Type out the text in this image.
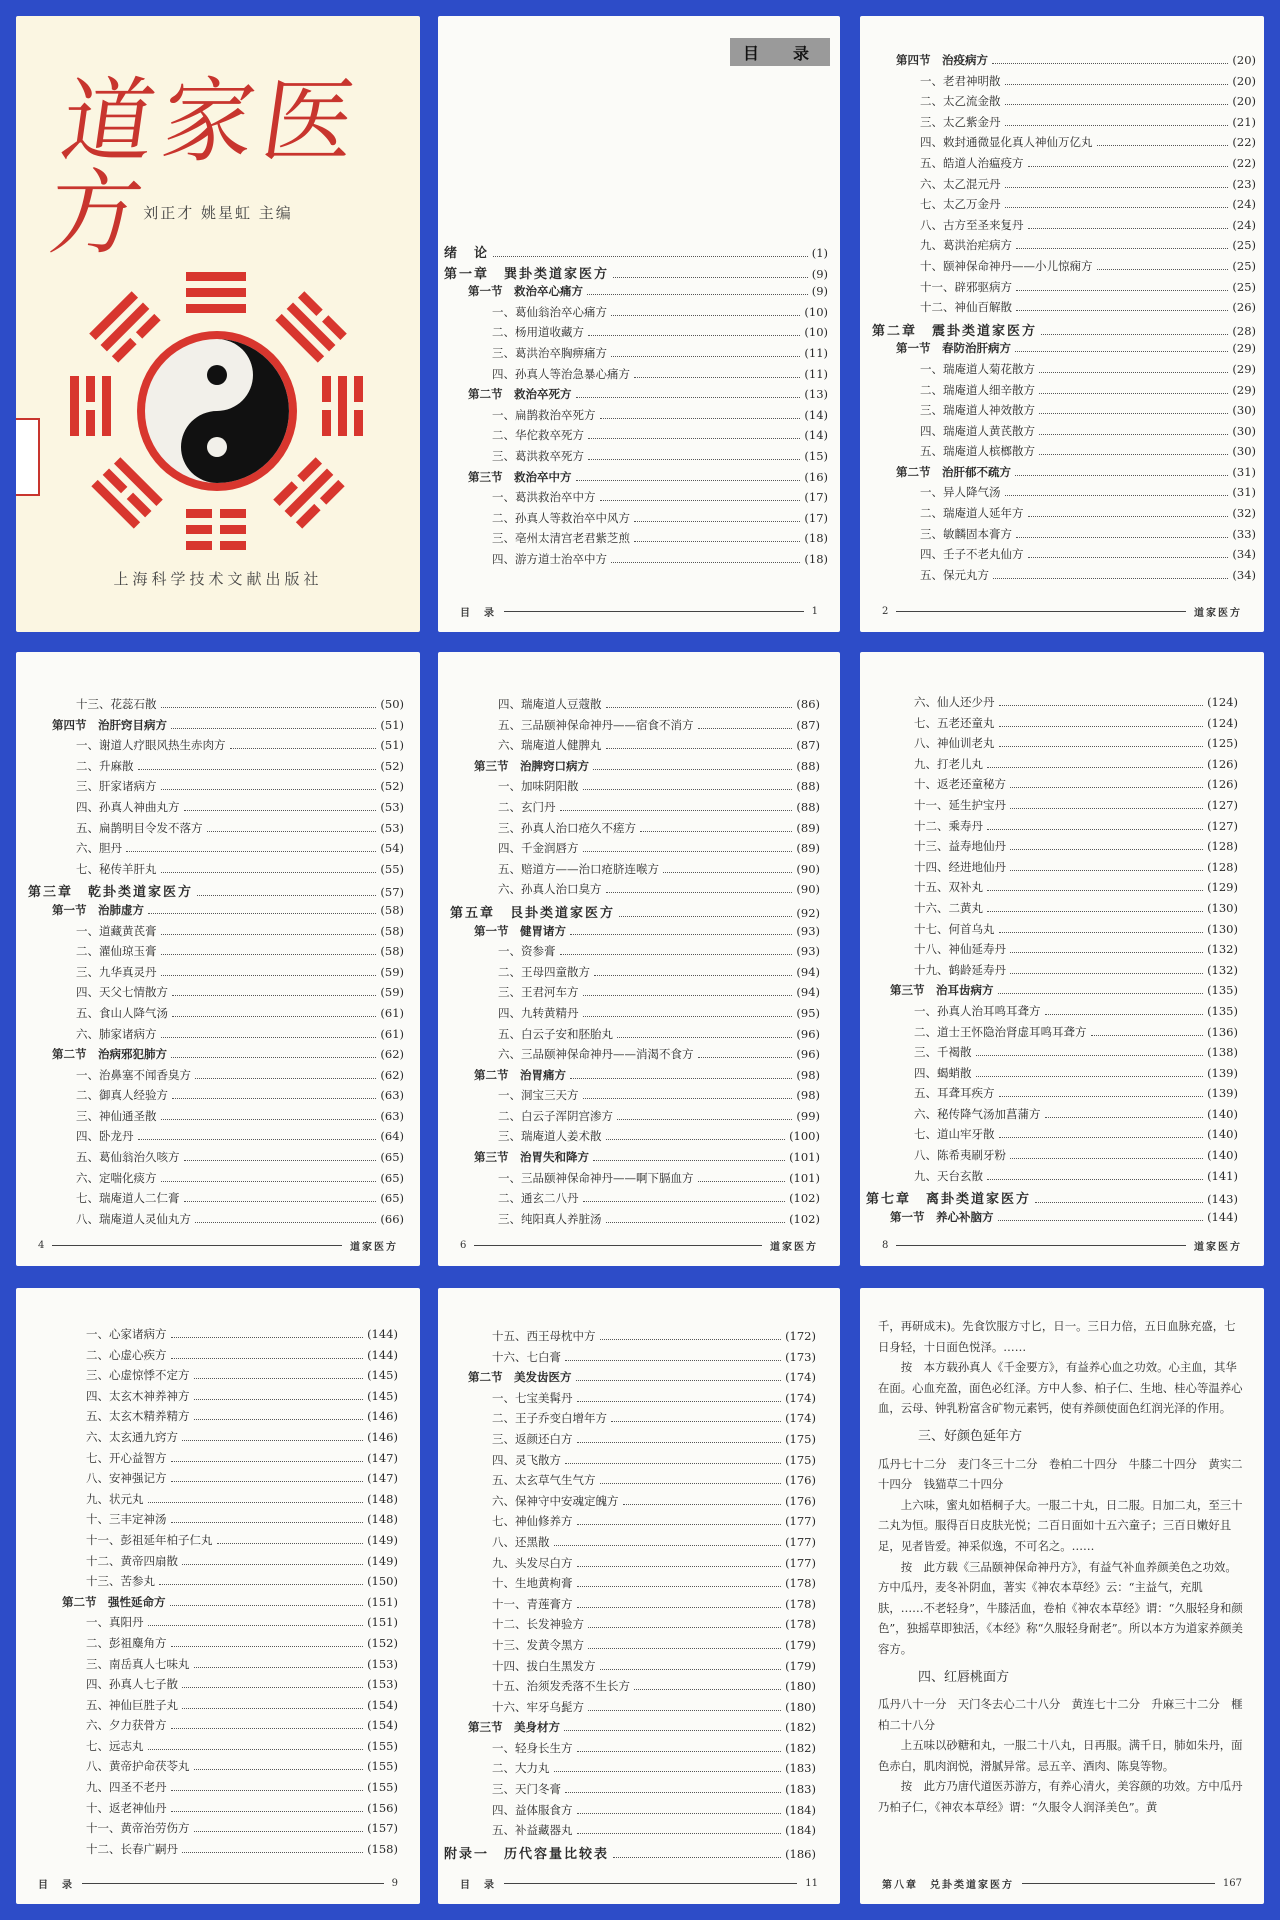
道家医方
刘正才 姚星虹 主编
上海科学技术文献出版社
目 录
绪　论	(1)
第一章　巽卦类道家医方	(9)
第一节　救治卒心痛方	(9)
一、葛仙翁治卒心痛方	(10)
二、杨用道收藏方	(10)
三、葛洪治卒胸痹痛方	(11)
四、孙真人等治急暴心痛方	(11)
第二节　救治卒死方	(13)
一、扁鹊救治卒死方	(14)
二、华佗救卒死方	(14)
三、葛洪救卒死方	(15)
第三节　救治卒中方	(16)
一、葛洪救治卒中方	(17)
二、孙真人等救治卒中风方	(17)
三、亳州太清宫老君紫芝煎	(18)
四、游方道士治卒中方	(18)
目　录	1
第四节　治疫病方	(20)
一、老君神明散	(20)
二、太乙流金散	(20)
三、太乙紫金丹	(21)
四、敕封通微显化真人神仙万亿丸	(22)
五、皓道人治瘟疫方	(22)
六、太乙混元丹	(23)
七、太乙万金丹	(24)
八、古方至圣来复丹	(24)
九、葛洪治疟病方	(25)
十、颐神保命神丹——小儿惊痫方	(25)
十一、辟邪驱病方	(25)
十二、神仙百解散	(26)
第二章　震卦类道家医方	(28)
第一节　春防治肝病方	(29)
一、瑞庵道人菊花散方	(29)
二、瑞庵道人细辛散方	(29)
三、瑞庵道人神效散方	(30)
四、瑞庵道人黄芪散方	(30)
五、瑞庵道人槟榔散方	(30)
第二节　治肝郁不疏方	(31)
一、异人降气汤	(31)
二、瑞庵道人延年方	(32)
三、敏麟固本膏方	(33)
四、壬子不老丸仙方	(34)
五、保元丸方	(34)
2	道家医方
十三、花蕊石散	(50)
第四节　治肝窍目病方	(51)
一、谢道人疗眼风热生赤肉方	(51)
二、升麻散	(52)
三、肝家诸病方	(52)
四、孙真人神曲丸方	(53)
五、扁鹊明目令发不落方	(53)
六、胆丹	(54)
七、秘传羊肝丸	(55)
第三章　乾卦类道家医方	(57)
第一节　治肺虚方	(58)
一、道藏黄芪膏	(58)
二、濯仙琼玉膏	(58)
三、九华真灵丹	(59)
四、天父七情散方	(59)
五、食山人降气汤	(61)
六、肺家诸病方	(61)
第二节　治病邪犯肺方	(62)
一、治鼻塞不闻香臭方	(62)
二、御真人经验方	(63)
三、神仙通圣散	(63)
四、卧龙丹	(64)
五、葛仙翁治久咳方	(65)
六、定喘化痰方	(65)
七、瑞庵道人二仁膏	(65)
八、瑞庵道人灵仙丸方	(66)
4	道家医方
四、瑞庵道人豆蔻散	(86)
五、三品颐神保命神丹——宿食不消方	(87)
六、瑞庵道人健脾丸	(87)
第三节　治脾窍口病方	(88)
一、加味阴阳散	(88)
二、玄门丹	(88)
三、孙真人治口疮久不瘥方	(89)
四、千金润唇方	(89)
五、赔道方——治口疮脐连喉方	(90)
六、孙真人治口臭方	(90)
第五章　艮卦类道家医方	(92)
第一节　健胃诸方	(93)
一、资参膏	(93)
二、王母四童散方	(94)
三、王君河车方	(94)
四、九转黄精丹	(95)
五、白云子安和胚胎丸	(96)
六、三品颐神保命神丹——消渴不食方	(96)
第二节　治胃痛方	(98)
一、洞宝三天方	(98)
二、白云子浑阴宫渗方	(99)
三、瑞庵道人姜术散	(100)
第三节　治胃失和降方	(101)
一、三品颐神保命神丹——啊下膈血方	(101)
二、通玄二八丹	(102)
三、纯阳真人养脏汤	(102)
6	道家医方
六、仙人还少丹	(124)
七、五老还童丸	(124)
八、神仙训老丸	(125)
九、打老儿丸	(126)
十、返老还童秘方	(126)
十一、延生护宝丹	(127)
十二、乘寿丹	(127)
十三、益寿地仙丹	(128)
十四、经进地仙丹	(128)
十五、双补丸	(129)
十六、二黄丸	(130)
十七、何首乌丸	(130)
十八、神仙延寿丹	(132)
十九、鹤龄延寿丹	(132)
第三节　治耳齿病方	(135)
一、孙真人治耳鸣耳聋方	(135)
二、道士王怀隐治肾虚耳鸣耳聋方	(136)
三、千褐散	(138)
四、蝎蛸散	(139)
五、耳聋耳疾方	(139)
六、秘传降气汤加菖蒲方	(140)
七、道山牢牙散	(140)
八、陈希夷刷牙粉	(140)
九、天台玄散	(141)
第七章　离卦类道家医方	(143)
第一节　养心补脑方	(144)
8	道家医方
一、心家诸病方	(144)
二、心虚心疾方	(144)
三、心虚惊悸不定方	(145)
四、太玄木神养神方	(145)
五、太玄木精养精方	(146)
六、太玄通九窍方	(146)
七、开心益智方	(147)
八、安神强记方	(147)
九、状元丸	(148)
十、三丰定神汤	(148)
十一、彭祖延年柏子仁丸	(149)
十二、黄帝四扇散	(149)
十三、苦参丸	(150)
第二节　强性延命方	(151)
一、真阳丹	(151)
二、彭祖麋角方	(152)
三、南岳真人七味丸	(153)
四、孙真人七子散	(153)
五、神仙巨胜子丸	(154)
六、夕力获骨方	(154)
七、远志丸	(155)
八、黄帝护命茯苓丸	(155)
九、四圣不老丹	(155)
十、返老神仙丹	(156)
十一、黄帝治劳伤方	(157)
十二、长春广嗣丹	(158)
目　录	9
十五、西王母枕中方	(172)
十六、七白膏	(173)
第二节　美发齿医方	(174)
一、七宝美髯丹	(174)
二、王子乔变白增年方	(174)
三、返颜还白方	(175)
四、灵飞散方	(175)
五、太玄草气生气方	(176)
六、保神守中安魂定魄方	(176)
七、神仙修养方	(177)
八、还黑散	(177)
九、头发尽白方	(177)
十、生地黄枸膏	(178)
十一、青莲膏方	(178)
十二、长发神验方	(178)
十三、发黄令黑方	(179)
十四、拔白生黑发方	(179)
十五、治须发秃落不生长方	(180)
十六、牢牙乌髭方	(180)
第三节　美身材方	(182)
一、轻身长生方	(182)
二、大力丸	(183)
三、天门冬膏	(183)
四、益体服食方	(184)
五、补益藏器丸	(184)
附录一　历代容量比较表	(186)
目　录	11

千，再研成末)。先食饮服方寸匕，日一。三日力倍，五日血脉充盛，七日身轻，十日面色悦泽。……

按　本方载孙真人《千金要方》，有益养心血之功效。心主血，其华在面。心血充盈，面色必红泽。方中人参、柏子仁、生地、桂心等温养心血，云母、钟乳粉富含矿物元素钙，使有养颜使面色红润光泽的作用。

三、好颜色延年方

瓜丹七十二分　麦门冬三十二分　卷柏二十四分　牛膝二十四分　黄实二十四分　钱猫草二十四分

上六味，蜜丸如梧桐子大。一服二十丸，日二服。日加二丸，至三十二丸为恒。服得百日皮肤光悦；二百日面如十五六童子；三百日嫩好且足，见者皆爱。神采似逸，不可名之。……

按　此方载《三品颐神保命神丹方》，有益气补血养颜美色之功效。方中瓜丹，麦冬补阴血，著实《神农本草经》云：“主益气，充肌肤，……不老轻身”，牛膝活血，卷柏《神农本草经》谓：“久服轻身和颜色”，独摇草即独活，《本经》称“久服轻身耐老”。所以本方为道家养颜美容方。

四、红唇桃面方

瓜丹八十一分　天门冬去心二十八分　黄连七十二分　升麻三十二分　榧柏二十八分

上五味以砂糖和丸，一服二十八丸，日再服。满千日，肺如朱丹，面色赤白，肌肉润悦，滑腻异常。忌五辛、酒肉、陈臭等物。

按　此方乃唐代道医苏游方，有养心清火，美容颜的功效。方中瓜丹乃柏子仁，《神农本草经》谓：“久服令人润泽美色”。黄

第八章　兑卦类道家医方	167
